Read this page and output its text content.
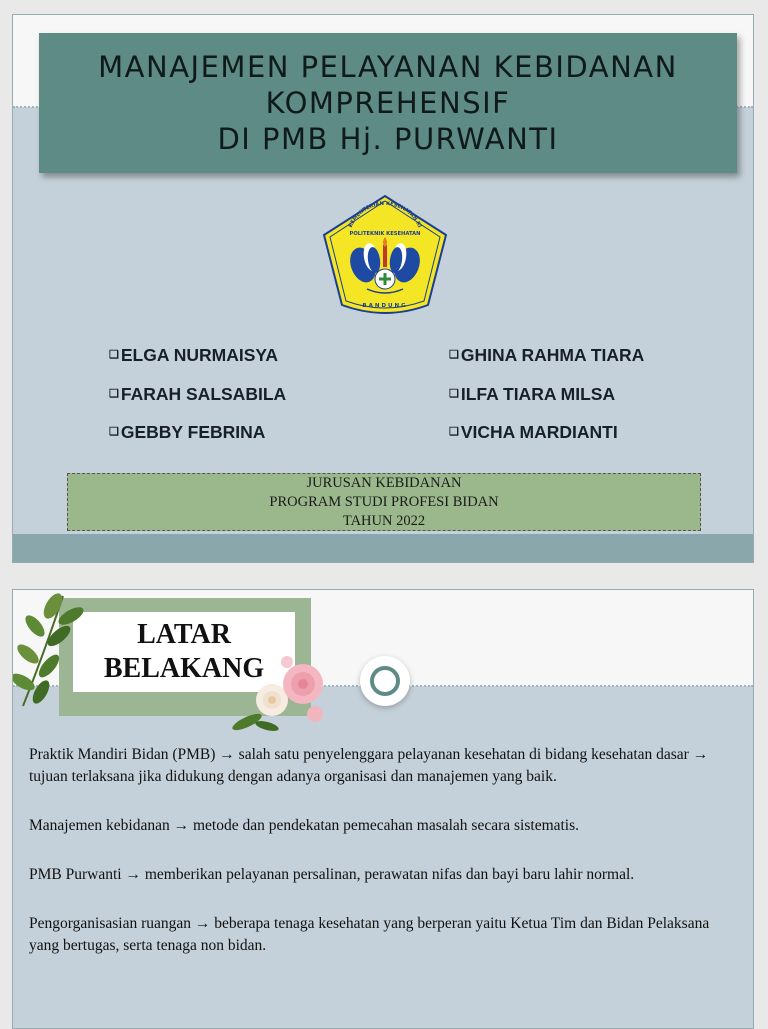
MANAJEMEN PELAYANAN KEBIDANAN
KOMPREHENSIF
DI PMB Hj. PURWANTI
KEMENTERIAN KESEHATAN RI
POLITEKNIK KESEHATAN
BANDUNG
❑ ELGA NURMAISYA
❑ FARAH SALSABILA
❑ GEBBY FEBRINA
❑ GHINA RAHMA TIARA
❑ ILFA TIARA MILSA
❑ VICHA MARDIANTI
JURUSAN KEBIDANAN
PROGRAM STUDI PROFESI BIDAN
TAHUN 2022
LATAR
BELAKANG

Praktik Mandiri Bidan (PMB) → salah satu penyelenggara pelayanan kesehatan di bidang kesehatan dasar → tujuan terlaksana jika didukung dengan adanya organisasi dan manajemen yang baik.

Manajemen kebidanan → metode dan pendekatan pemecahan masalah secara sistematis.

PMB Purwanti → memberikan pelayanan persalinan, perawatan nifas dan bayi baru lahir normal.

Pengorganisasian ruangan → beberapa tenaga kesehatan yang berperan yaitu Ketua Tim dan Bidan Pelaksana yang bertugas, serta tenaga non bidan.
